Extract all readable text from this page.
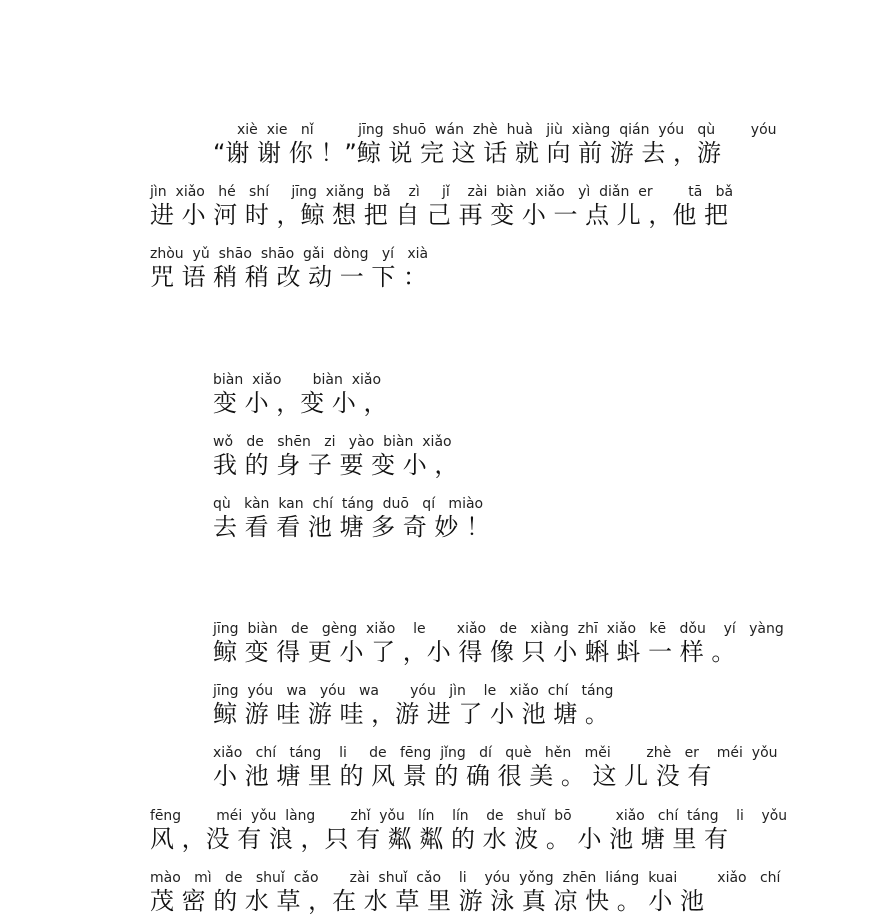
xiè  xie   nǐ          jīng  shuō  wán  zhè  huà   jiù  xiàng  qián  yóu   qù        yóu
“谢 谢 你 ！”鲸 说 完 这 话 就 向 前 游 去 ，游
jìn  xiǎo   hé   shí     jīng  xiǎng  bǎ    zì     jǐ    zài  biàn  xiǎo   yì  diǎn  er        tā   bǎ
进 小 河 时 ，鲸 想 把 自 己 再 变 小 一 点 儿 ，他 把
zhòu  yǔ  shāo  shāo  gǎi  dòng   yí   xià
咒 语 稍 稍 改 动 一 下 ：
biàn  xiǎo       biàn  xiǎo
变 小 ，变 小 ，
wǒ   de   shēn   zi   yào  biàn  xiǎo
我 的 身 子 要 变 小 ，
qù   kàn  kan  chí  táng  duō   qí   miào
去 看 看 池 塘 多 奇 妙 ！
jīng  biàn   de   gèng  xiǎo    le       xiǎo   de   xiàng  zhī  xiǎo   kē   dǒu    yí   yàng
鲸 变 得 更 小 了 ，小 得 像 只 小 蝌 蚪 一 样 。
jīng  yóu   wa   yóu   wa       yóu   jìn    le   xiǎo  chí   táng
鲸 游 哇 游 哇 ，游 进 了 小 池 塘 。
xiǎo   chí   táng    li     de   fēng  jǐng   dí   què   hěn   měi        zhè   er    méi  yǒu
小 池 塘 里 的 风 景 的 确 很 美 。 这 儿 没 有
fēng        méi  yǒu  làng        zhǐ  yǒu   lín    lín    de   shuǐ  bō          xiǎo   chí  táng    li    yǒu
风 ，没 有 浪 ，只 有 粼 粼 的 水 波 。 小 池 塘 里 有
mào   mì   de   shuǐ  cǎo       zài  shuǐ  cǎo    li    yóu  yǒng  zhēn  liáng  kuai         xiǎo   chí
茂 密 的 水 草 ，在 水 草 里 游 泳 真 凉 快 。 小 池
